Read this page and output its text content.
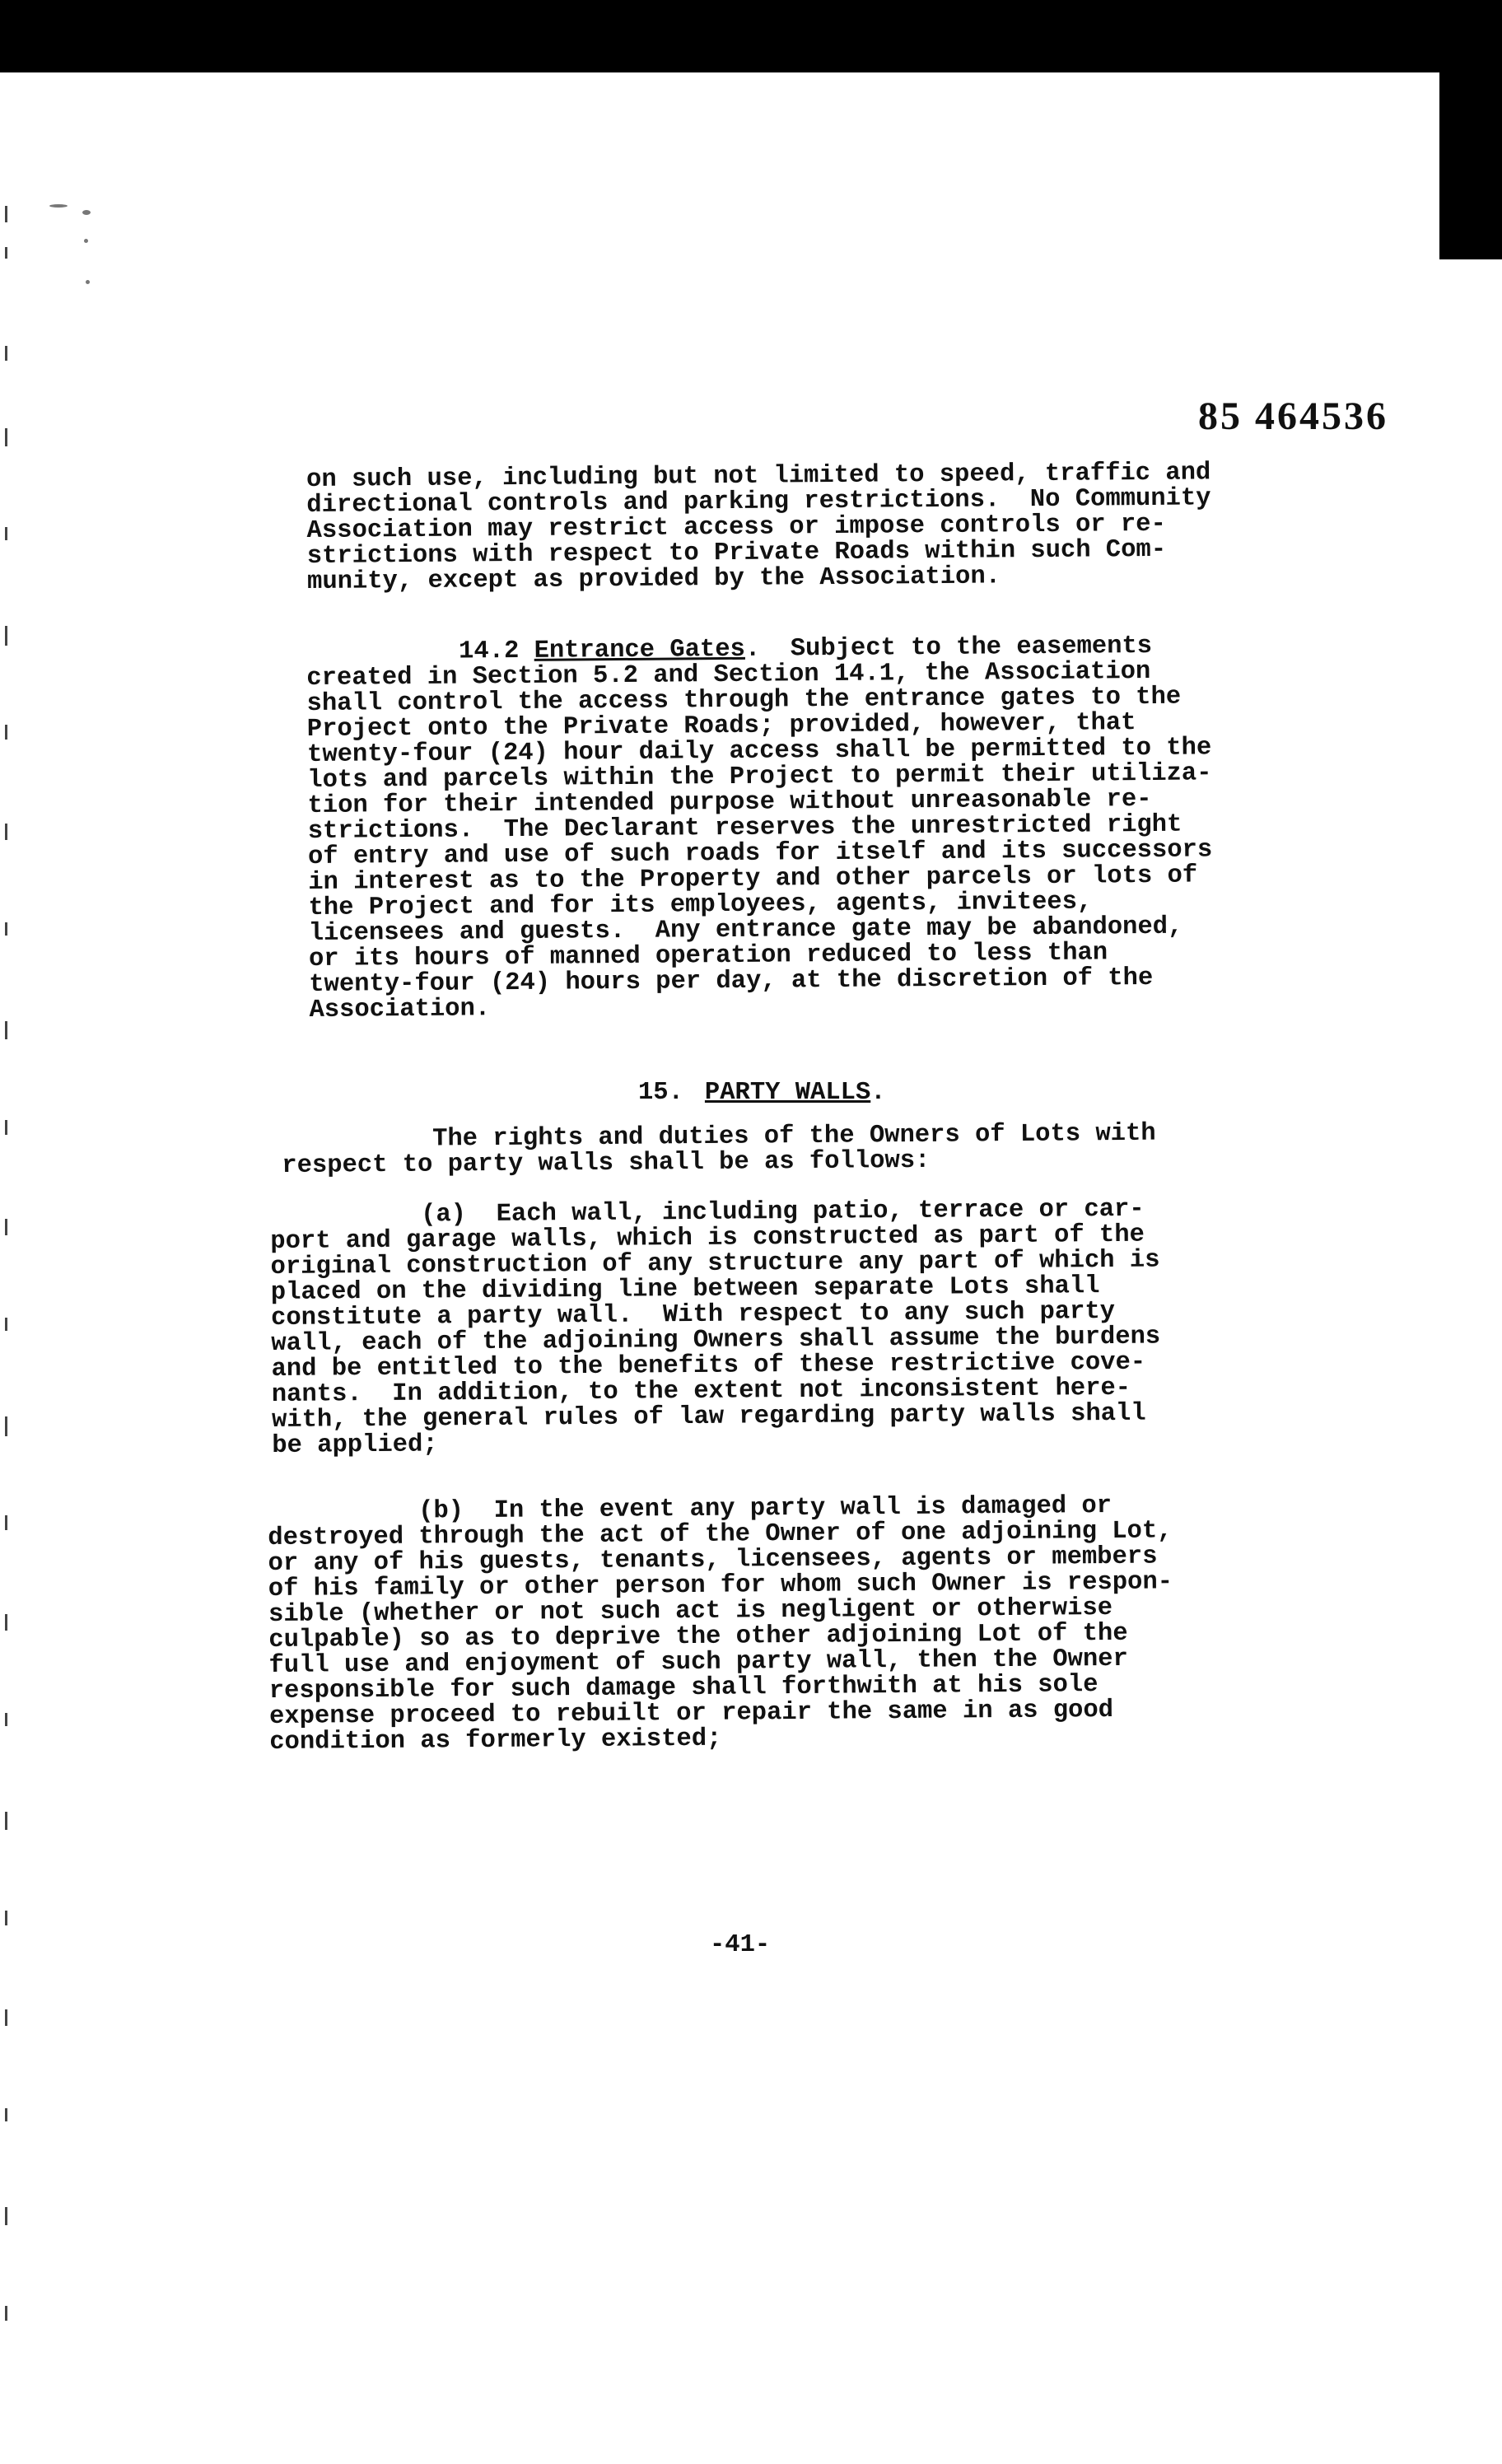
85 464536
on such use, including but not limited to speed, traffic and
directional controls and parking restrictions.  No Community
Association may restrict access or impose controls or re-
strictions with respect to Private Roads within such Com-
munity, except as provided by the Association.
14.2 Entrance Gates.  Subject to the easements
created in Section 5.2 and Section 14.1, the Association
shall control the access through the entrance gates to the
Project onto the Private Roads; provided, however, that
twenty-four (24) hour daily access shall be permitted to the
lots and parcels within the Project to permit their utiliza-
tion for their intended purpose without unreasonable re-
strictions.  The Declarant reserves the unrestricted right
of entry and use of such roads for itself and its successors
in interest as to the Property and other parcels or lots of
the Project and for its employees, agents, invitees,
licensees and guests.  Any entrance gate may be abandoned,
or its hours of manned operation reduced to less than
twenty-four (24) hours per day, at the discretion of the
Association.
15. PARTY WALLS.
The rights and duties of the Owners of Lots with
respect to party walls shall be as follows:
(a)  Each wall, including patio, terrace or car-
port and garage walls, which is constructed as part of the
original construction of any structure any part of which is
placed on the dividing line between separate Lots shall
constitute a party wall.  With respect to any such party
wall, each of the adjoining Owners shall assume the burdens
and be entitled to the benefits of these restrictive cove-
nants.  In addition, to the extent not inconsistent here-
with, the general rules of law regarding party walls shall
be applied;
(b)  In the event any party wall is damaged or
destroyed through the act of the Owner of one adjoining Lot,
or any of his guests, tenants, licensees, agents or members
of his family or other person for whom such Owner is respon-
sible (whether or not such act is negligent or otherwise
culpable) so as to deprive the other adjoining Lot of the
full use and enjoyment of such party wall, then the Owner
responsible for such damage shall forthwith at his sole
expense proceed to rebuilt or repair the same in as good
condition as formerly existed;
-41-
